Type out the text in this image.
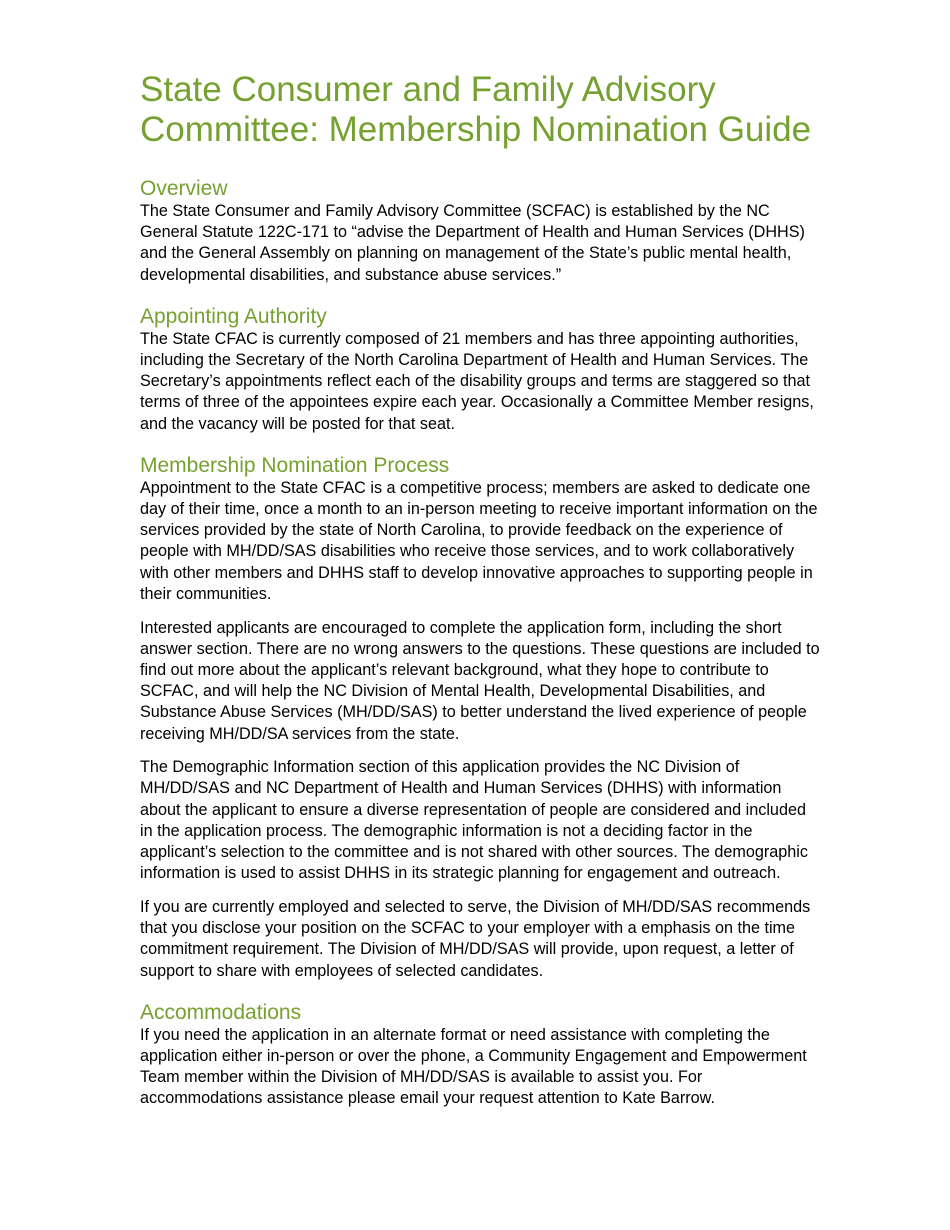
State Consumer and Family Advisory Committee: Membership Nomination Guide
Overview

The State Consumer and Family Advisory Committee (SCFAC) is established by the NC General Statute 122C-171 to “advise the Department of Health and Human Services (DHHS) and the General Assembly on planning on management of the State’s public mental health, developmental disabilities, and substance abuse services.”

Appointing Authority

The State CFAC is currently composed of 21 members and has three appointing authorities, including the Secretary of the North Carolina Department of Health and Human Services. The Secretary’s appointments reflect each of the disability groups and terms are staggered so that terms of three of the appointees expire each year. Occasionally a Committee Member resigns, and the vacancy will be posted for that seat.

Membership Nomination Process

Appointment to the State CFAC is a competitive process; members are asked to dedicate one day of their time, once a month to an in-person meeting to receive important information on the services provided by the state of North Carolina, to provide feedback on the experience of people with MH/DD/SAS disabilities who receive those services, and to work collaboratively with other members and DHHS staff to develop innovative approaches to supporting people in their communities.

Interested applicants are encouraged to complete the application form, including the short answer section. There are no wrong answers to the questions. These questions are included to find out more about the applicant’s relevant background, what they hope to contribute to SCFAC, and will help the NC Division of Mental Health, Developmental Disabilities, and Substance Abuse Services (MH/DD/SAS) to better understand the lived experience of people receiving MH/DD/SA services from the state.

The Demographic Information section of this application provides the NC Division of MH/DD/SAS and NC Department of Health and Human Services (DHHS) with information about the applicant to ensure a diverse representation of people are considered and included in the application process. The demographic information is not a deciding factor in the applicant’s selection to the committee and is not shared with other sources. The demographic information is used to assist DHHS in its strategic planning for engagement and outreach.

If you are currently employed and selected to serve, the Division of MH/DD/SAS recommends that you disclose your position on the SCFAC to your employer with a emphasis on the time commitment requirement. The Division of MH/DD/SAS will provide, upon request, a letter of support to share with employees of selected candidates.

Accommodations

If you need the application in an alternate format or need assistance with completing the application either in-person or over the phone, a Community Engagement and Empowerment Team member within the Division of MH/DD/SAS is available to assist you. For accommodations assistance please email your request attention to Kate Barrow.
